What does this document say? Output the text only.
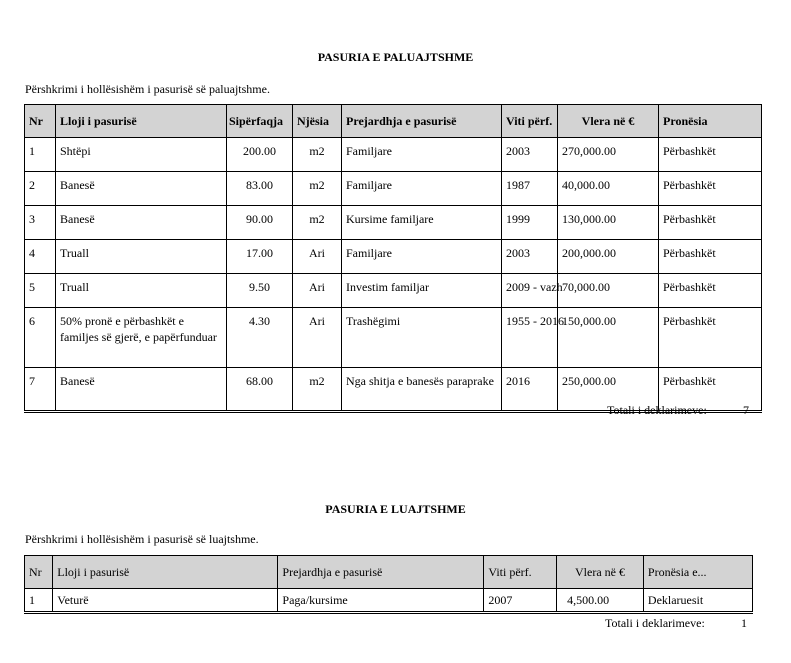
PASURIA E PALUAJTSHME
Përshkrimi i hollësishëm i pasurisë së paluajtshme.
Nr	Lloji i pasurisë	Sipërfaqja	Njësia	Prejardhja e pasurisë	Viti përf.	Vlera në €	Pronësia
1	Shtëpi	200.00	m2	Familjare	2003	270,000.00	Përbashkët
2	Banesë	83.00	m2	Familjare	1987	40,000.00	Përbashkët
3	Banesë	90.00	m2	Kursime familjare	1999	130,000.00	Përbashkët
4	Truall	17.00	Ari	Familjare	2003	200,000.00	Përbashkët
5	Truall	9.50	Ari	Investim familjar	2009 - vazh	70,000.00	Përbashkët
6	50% pronë e përbashkët e familjes së gjerë, e papërfunduar	4.30	Ari	Trashëgimi	1955 - 2016	150,000.00	Përbashkët
7	Banesë	68.00	m2	Nga shitja e banesës paraprake	2016	250,000.00	Përbashkët
Totali i deklarimeve:	7
PASURIA E LUAJTSHME
Përshkrimi i hollësishëm i pasurisë së luajtshme.
Nr	Lloji i pasurisë	Prejardhja e pasurisë	Viti përf.	Vlera në €	Pronësia e...
1	Veturë	Paga/kursime	2007	4,500.00	Deklaruesit
Totali i deklarimeve:	1
